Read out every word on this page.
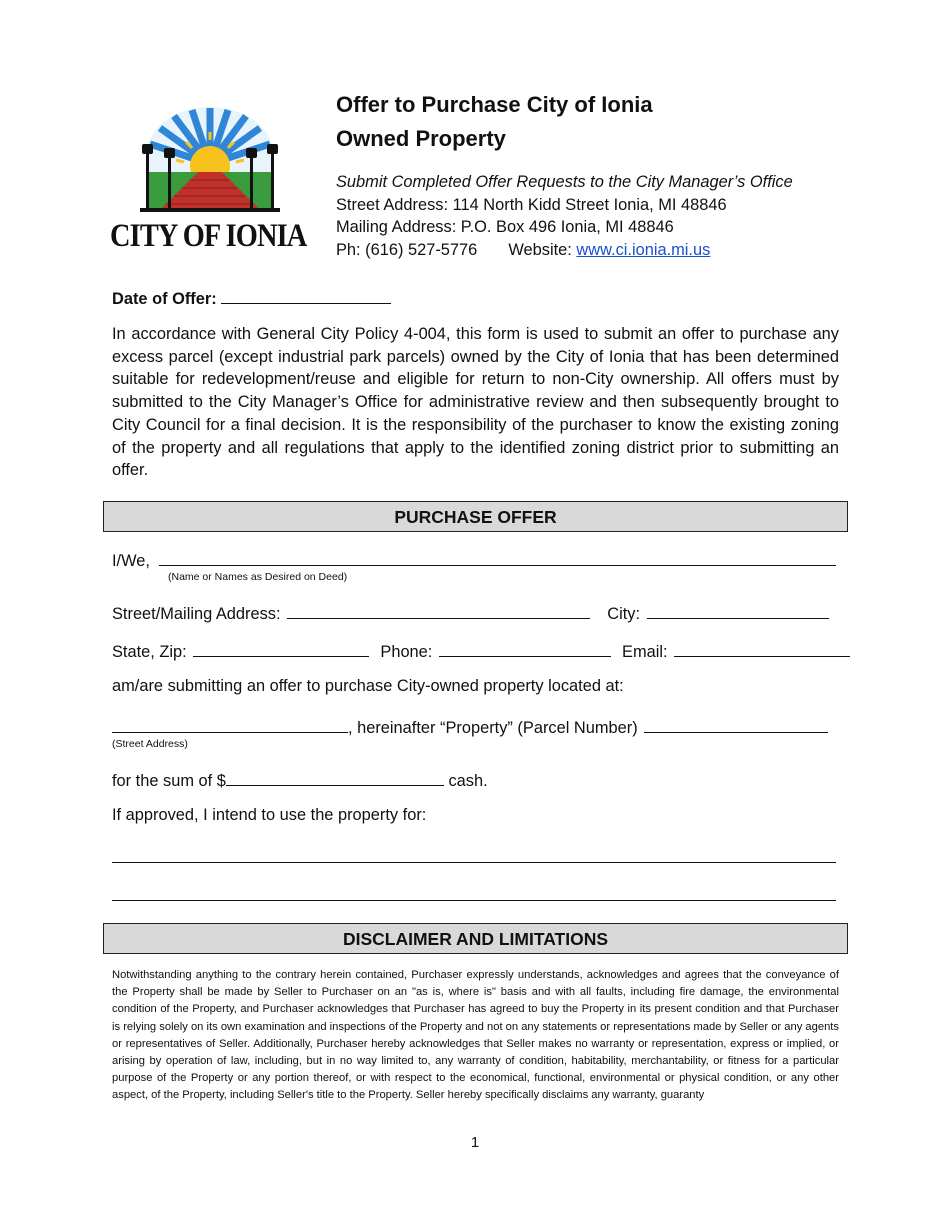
CITY OF IONIA
Offer to Purchase City of Ionia
Owned Property
Submit Completed Offer Requests to the City Manager’s Office
Street Address: 114 North Kidd Street Ionia, MI 48846
Mailing Address: P.O. Box 496 Ionia, MI 48846
Ph: (616) 527-5776 Website: www.ci.ionia.mi.us
Date of Offer:
In accordance with General City Policy 4-004, this form is used to submit an offer to purchase any excess parcel (except industrial park parcels) owned by the City of Ionia that has been determined suitable for redevelopment/reuse and eligible for return to non-City ownership. All offers must by submitted to the City Manager’s Office for administrative review and then subsequently brought to City Council for a final decision. It is the responsibility of the purchaser to know the existing zoning of the property and all regulations that apply to the identified zoning district prior to submitting an offer.
PURCHASE OFFER
I/We,
(Name or Names as Desired on Deed)
Street/Mailing Address:	City:
State, Zip:	Phone:	Email:
am/are submitting an offer to purchase City-owned property located at:
, hereinafter “Property” (Parcel Number)
(Street Address)
for the sum of $	cash.
If approved, I intend to use the property for:
DISCLAIMER AND LIMITATIONS
Notwithstanding anything to the contrary herein contained, Purchaser expressly understands, acknowledges and agrees that the conveyance of the Property shall be made by Seller to Purchaser on an "as is, where is" basis and with all faults, including fire damage, the environmental condition of the Property, and Purchaser acknowledges that Purchaser has agreed to buy the Property in its present condition and that Purchaser is relying solely on its own examination and inspections of the Property and not on any statements or representations made by Seller or any agents or representatives of Seller. Additionally, Purchaser hereby acknowledges that Seller makes no warranty or representation, express or implied, or arising by operation of law, including, but in no way limited to, any warranty of condition, habitability, merchantability, or fitness for a particular purpose of the Property or any portion thereof, or with respect to the economical, functional, environmental or physical condition, or any other aspect, of the Property, including Seller's title to the Property. Seller hereby specifically disclaims any warranty, guaranty
1
